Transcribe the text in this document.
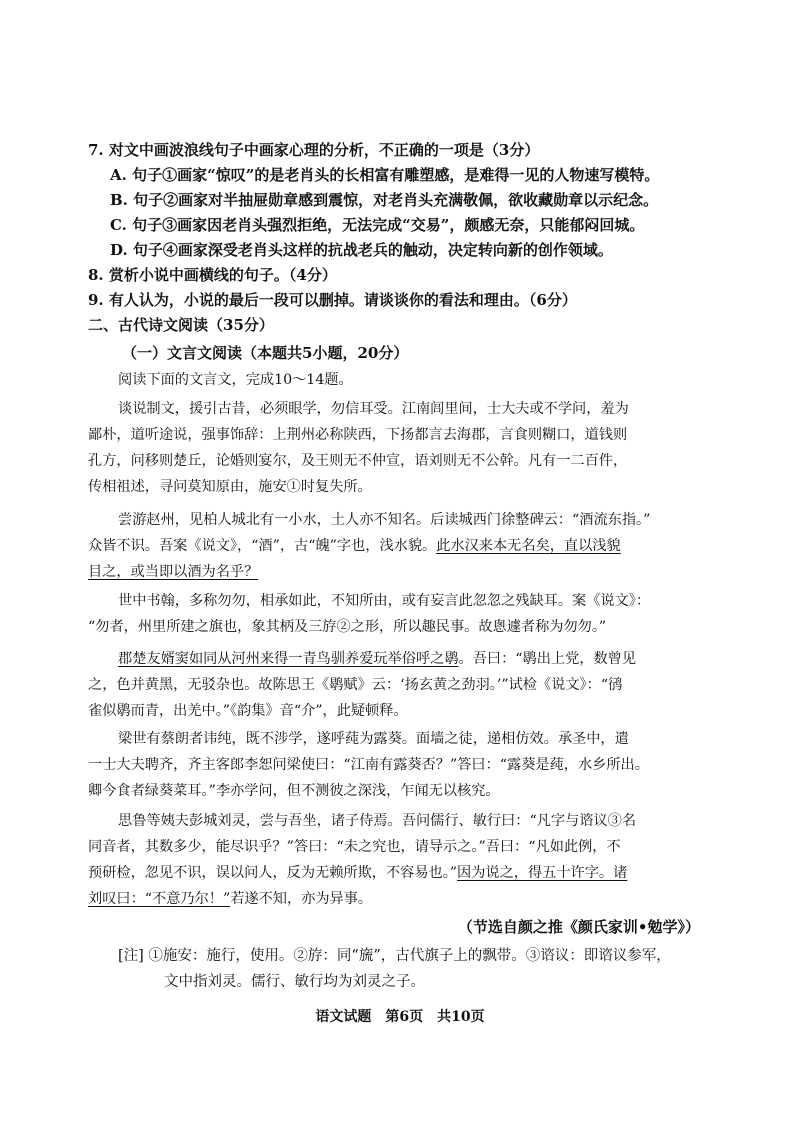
7. 对文中画波浪线句子中画家心理的分析，不正确的一项是（3分）
A. 句子①画家“惊叹”的是老肖头的长相富有雕塑感，是难得一见的人物速写模特。
B. 句子②画家对半抽屉勋章感到震惊，对老肖头充满敬佩，欲收藏勋章以示纪念。
C. 句子③画家因老肖头强烈拒绝，无法完成“交易”，颇感无奈，只能郁闷回城。
D. 句子④画家深受老肖头这样的抗战老兵的触动，决定转向新的创作领域。
8. 赏析小说中画横线的句子。（4分）
9. 有人认为，小说的最后一段可以删掉。请谈谈你的看法和理由。（6分）
二、古代诗文阅读（35分）
（一）文言文阅读（本题共5小题，20分）
阅读下面的文言文，完成10～14题。
谈说制文，援引古昔，必须眼学，勿信耳受。江南闾里间，士大夫或不学问，羞为
鄙朴，道听途说，强事饰辞：上荆州必称陕西，下扬都言去海郡，言食则糊口，道钱则
孔方，问移则楚丘，论婚则宴尔，及王则无不仲宣，语刘则无不公幹。凡有一二百件，
传相祖述，寻问莫知原由，施安①时复失所。
尝游赵州，见柏人城北有一小水，土人亦不知名。后读城西门徐整碑云：“酒流东指。”
众皆不识。吾案《说文》，“酒”，古“魄”字也，浅水貌。此水汉来本无名矣，直以浅貌
目之，或当即以酒为名乎？
世中书翰，多称勿勿，相承如此，不知所由，或有妄言此忽忽之残缺耳。案《说文》：
“勿者，州里所建之旗也，象其柄及三斿②之形，所以趣民事。故悤遽者称为勿勿。”
郡楚友婿窦如同从河州来得一青鸟驯养爱玩举俗呼之鹖。吾曰：“鹖出上党，数曾见
之，色并黄黑，无驳杂也。故陈思王《鹖赋》云：‘扬玄黄之劲羽。’”试检《说文》：“鸻
雀似鹖而青，出羌中。”《韵集》音“介”，此疑顿释。
梁世有蔡朗者讳纯，既不涉学，遂呼莼为露葵。面墙之徒，递相仿效。承圣中，遣
一士大夫聘齐，齐主客郎李恕问梁使曰：“江南有露葵否？”答曰：“露葵是莼，水乡所出。
卿今食者绿葵菜耳。”李亦学问，但不测彼之深浅，乍闻无以核究。
思鲁等姨夫彭城刘灵，尝与吾坐，诸子侍焉。吾问儒行、敏行曰：“凡字与谘议③名
同音者，其数多少，能尽识乎？”答曰：“未之究也，请导示之。”吾曰：“凡如此例，不
预研检，忽见不识，误以问人，反为无赖所欺，不容易也。”因为说之，得五十许字。诸
刘叹曰：“不意乃尔！”若遂不知，亦为异事。
（节选自颜之推《颜氏家训•勉学》）
[注] ①施安：施行，使用。②斿：同“旒”，古代旗子上的飘带。③谘议：即谘议参军，
文中指刘灵。儒行、敏行均为刘灵之子。
语文试题　第6页　共10页
